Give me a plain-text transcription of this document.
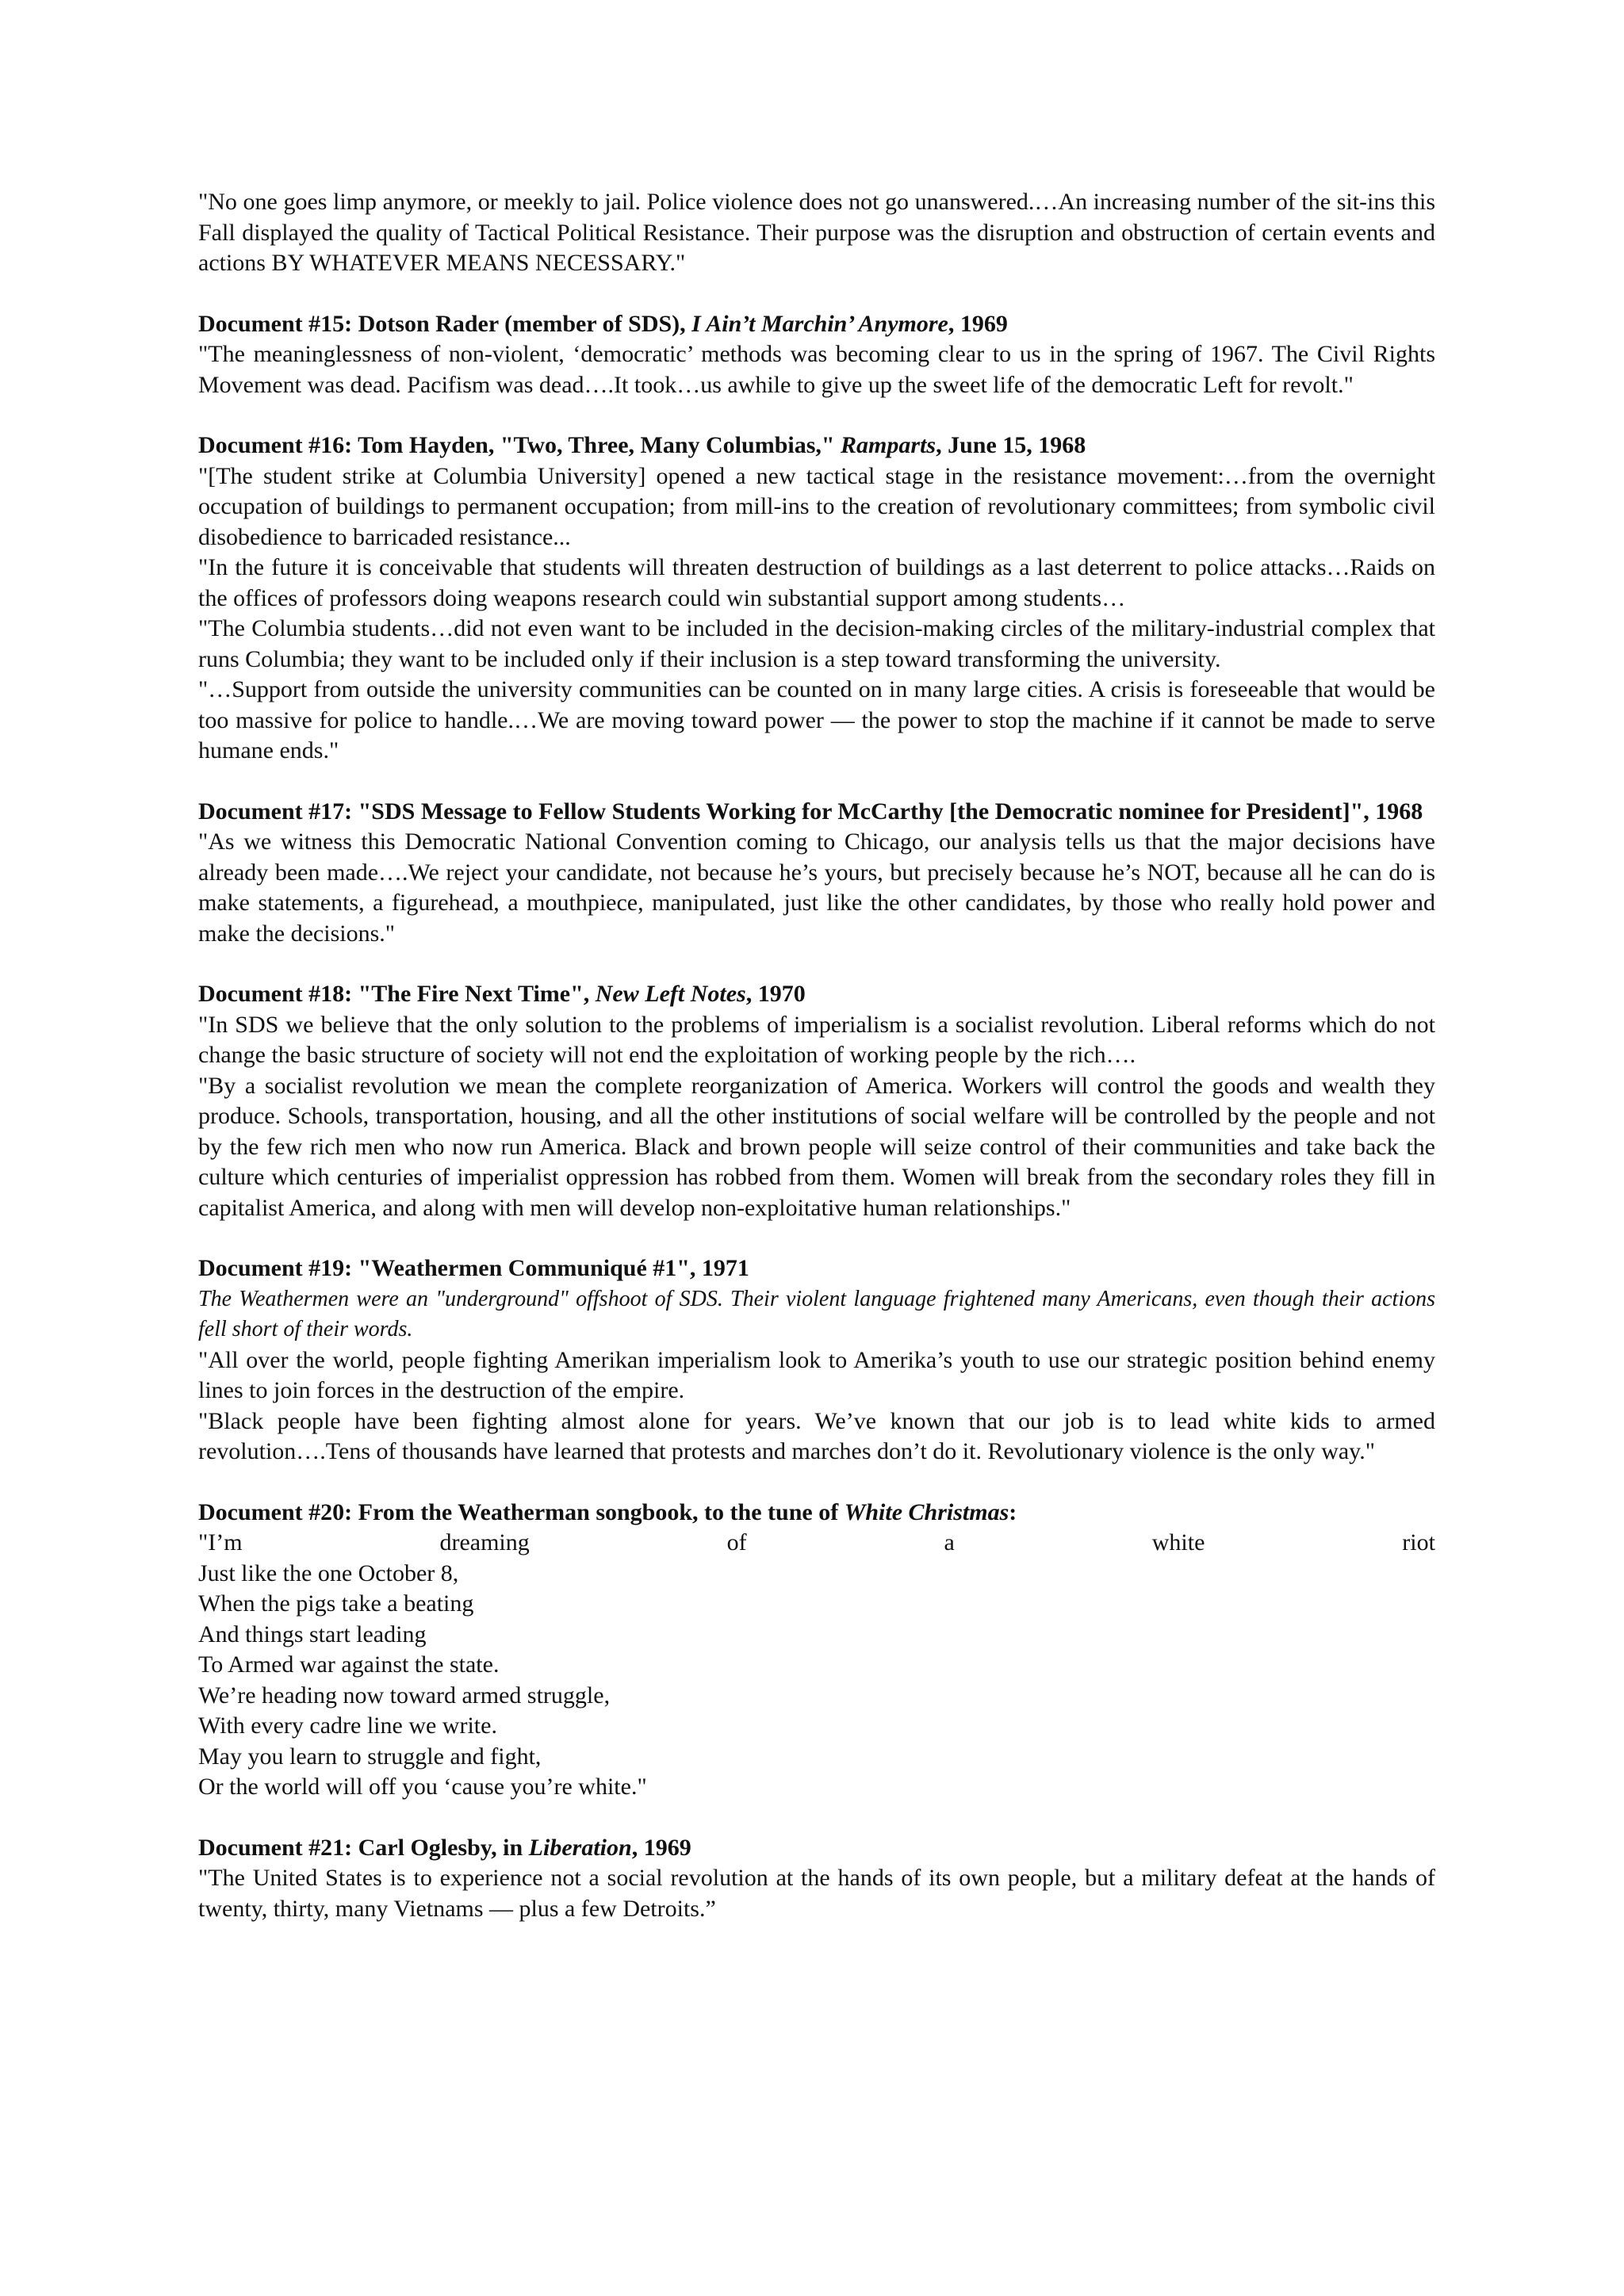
"No one goes limp anymore, or meekly to jail. Police violence does not go unanswered.…An increasing number of the sit-ins this Fall displayed the quality of Tactical Political Resistance. Their purpose was the disruption and obstruction of certain events and actions BY WHATEVER MEANS NECESSARY."

Document #15: Dotson Rader (member of SDS), I Ain’t Marchin’ Anymore, 1969

"The meaninglessness of non-violent, ‘democratic’ methods was becoming clear to us in the spring of 1967. The Civil Rights Movement was dead. Pacifism was dead….It took…us awhile to give up the sweet life of the democratic Left for revolt."

Document #16: Tom Hayden, "Two, Three, Many Columbias," Ramparts, June 15, 1968

"[The student strike at Columbia University] opened a new tactical stage in the resistance movement:…from the overnight occupation of buildings to permanent occupation; from mill-ins to the creation of revolutionary committees; from symbolic civil disobedience to barricaded resistance...

"In the future it is conceivable that students will threaten destruction of buildings as a last deterrent to police attacks…Raids on the offices of professors doing weapons research could win substantial support among students…

"The Columbia students…did not even want to be included in the decision-making circles of the military-industrial complex that runs Columbia; they want to be included only if their inclusion is a step toward transforming the university.

"…Support from outside the university communities can be counted on in many large cities. A crisis is foreseeable that would be too massive for police to handle.…We are moving toward power — the power to stop the machine if it cannot be made to serve humane ends."

Document #17: "SDS Message to Fellow Students Working for McCarthy [the Democratic nominee for President]", 1968

"As we witness this Democratic National Convention coming to Chicago, our analysis tells us that the major decisions have already been made….We reject your candidate, not because he’s yours, but precisely because he’s NOT, because all he can do is make statements, a figurehead, a mouthpiece, manipulated, just like the other candidates, by those who really hold power and make the decisions."

Document #18: "The Fire Next Time", New Left Notes, 1970

"In SDS we believe that the only solution to the problems of imperialism is a socialist revolution. Liberal reforms which do not change the basic structure of society will not end the exploitation of working people by the rich….

"By a socialist revolution we mean the complete reorganization of America. Workers will control the goods and wealth they produce. Schools, transportation, housing, and all the other institutions of social welfare will be controlled by the people and not by the few rich men who now run America. Black and brown people will seize control of their communities and take back the culture which centuries of imperialist oppression has robbed from them. Women will break from the secondary roles they fill in capitalist America, and along with men will develop non-exploitative human relationships."

Document #19: "Weathermen Communiqué #1", 1971

The Weathermen were an "underground" offshoot of SDS. Their violent language frightened many Americans, even though their actions fell short of their words.

"All over the world, people fighting Amerikan imperialism look to Amerika’s youth to use our strategic position behind enemy lines to join forces in the destruction of the empire.

"Black people have been fighting almost alone for years. We’ve known that our job is to lead white kids to armed revolution….Tens of thousands have learned that protests and marches don’t do it. Revolutionary violence is the only way."

Document #20: From the Weatherman songbook, to the tune of White Christmas:

"I’m	dreaming	of	a	white	riot

Just like the one October 8,

When the pigs take a beating

And things start leading

To Armed war against the state.

We’re heading now toward armed struggle,

With every cadre line we write.

May you learn to struggle and fight,

Or the world will off you ‘cause you’re white."

Document #21: Carl Oglesby, in Liberation, 1969

"The United States is to experience not a social revolution at the hands of its own people, but a military defeat at the hands of twenty, thirty, many Vietnams — plus a few Detroits.”
